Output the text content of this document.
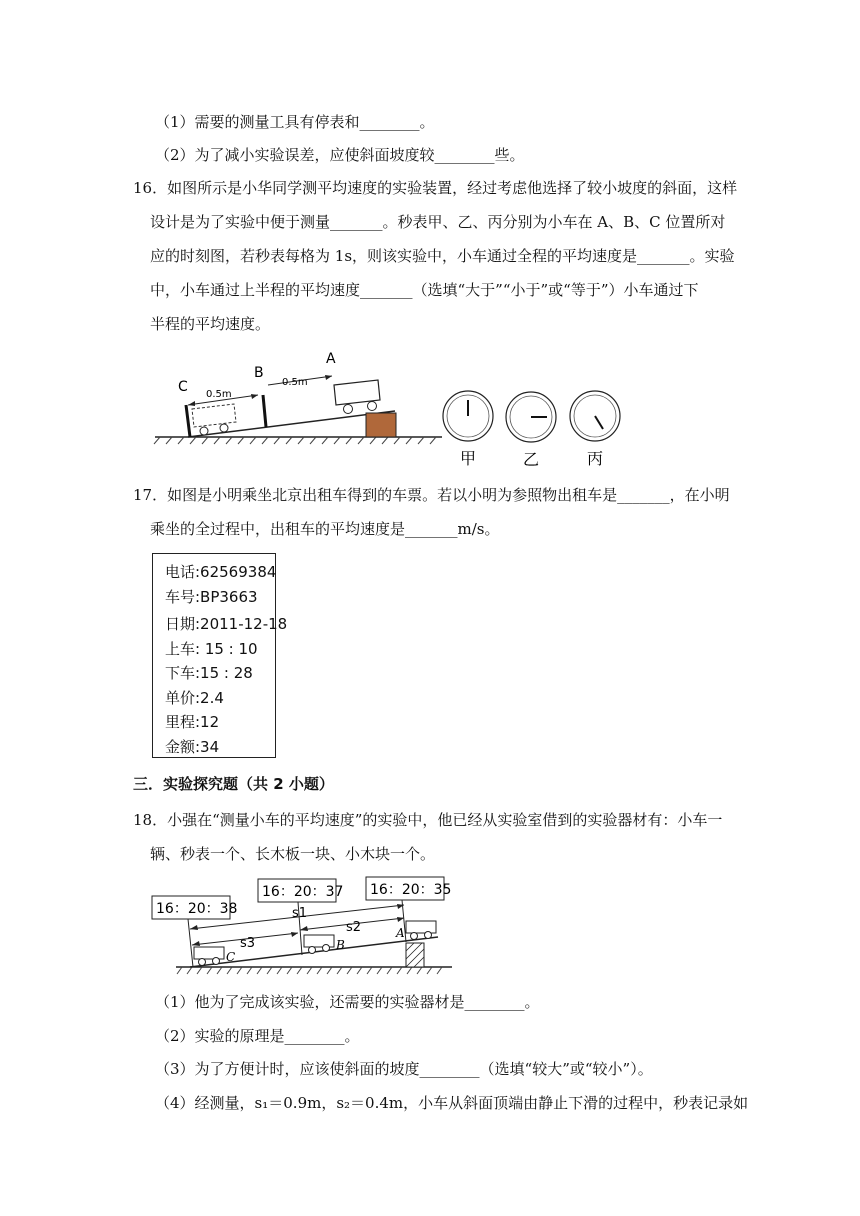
（1）需要的测量工具有停表和________。
（2）为了减小实验误差，应使斜面坡度较________些。
16．如图所示是小华同学测平均速度的实验装置，经过考虑他选择了较小坡度的斜面，这样
设计是为了实验中便于测量_______。秒表甲、乙、丙分别为小车在 A、B、C 位置所对
应的时刻图，若秒表每格为 1s，则该实验中，小车通过全程的平均速度是_______。实验
中，小车通过上半程的平均速度_______（选填“大于”“小于”或“等于”）小车通过下
半程的平均速度。
C
B
A
0.5m
0.5m
甲	乙	丙
17．如图是小明乘坐北京出租车得到的车票。若以小明为参照物出租车是_______，在小明
乘坐的全过程中，出租车的平均速度是_______m/s。
电话:62569384
车号:BP3663
日期:2011-12-18
上车: 15 : 10
下车:15 : 28
单价:2.4
里程:12
金额:34
三．实验探究题（共 2 小题）
18．小强在“测量小车的平均速度”的实验中，他已经从实验室借到的实验器材有：小车一
辆、秒表一个、长木板一块、小木块一个。
16：20：38
16：20：37 16：20：35
s1
s2
s3
C
B
A
（1）他为了完成该实验，还需要的实验器材是________。
（2）实验的原理是________。
（3）为了方便计时，应该使斜面的坡度________（选填“较大”或“较小”）。
（4）经测量，s₁＝0.9m，s₂＝0.4m，小车从斜面顶端由静止下滑的过程中，秒表记录如
